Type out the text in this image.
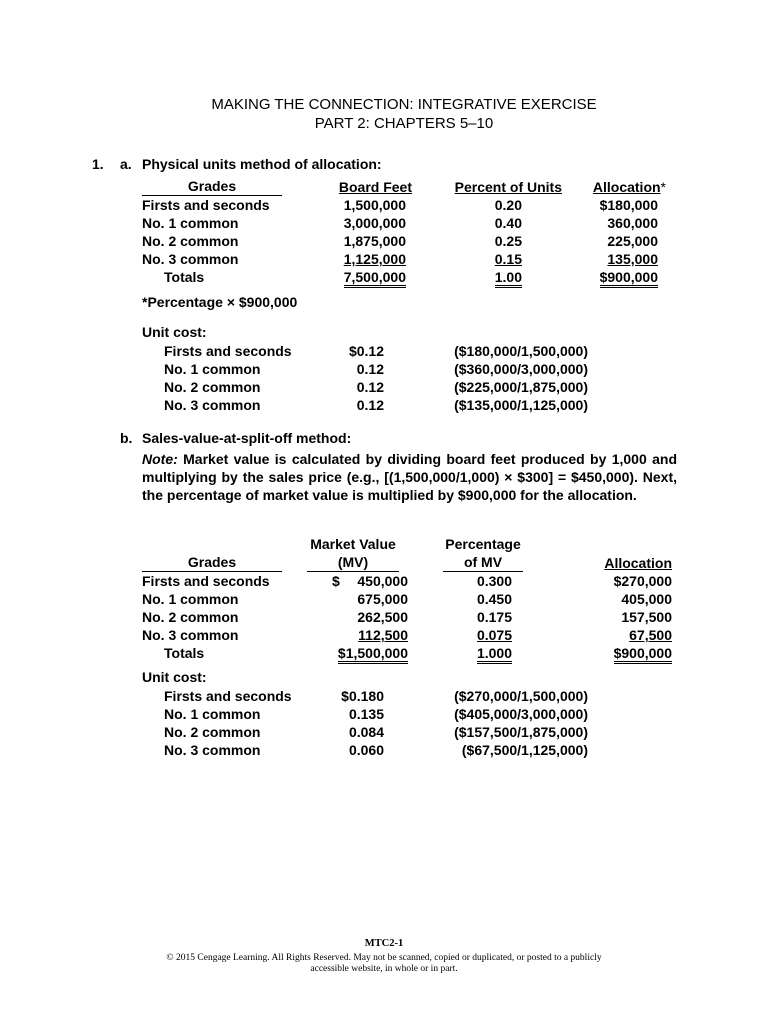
MAKING THE CONNECTION: INTEGRATIVE EXERCISE
PART 2: CHAPTERS 5–10
1. a. Physical units method of allocation:
Grades	Board Feet	Percent of Units	Allocation*
Firsts and seconds	1,500,000	0.20	$180,000
No. 1 common	3,000,000	0.40	360,000
No. 2 common	1,875,000	0.25	225,000
No. 3 common	1,125,000	0.15	135,000
Totals	7,500,000	1.00	$900,000
*Percentage × $900,000
Unit cost:
Firsts and seconds	$0.12	($180,000/1,500,000)
No. 1 common	0.12	($360,000/3,000,000)
No. 2 common	0.12	($225,000/1,875,000)
No. 3 common	0.12	($135,000/1,125,000)
b. Sales-value-at-split-off method:
Note: Market value is calculated by dividing board feet produced by 1,000 and multiplying by the sales price (e.g., [(1,500,000/1,000) × $300] = $450,000). Next, the percentage of market value is multiplied by $900,000 for the allocation.
	Market Value	Percentage	
Grades	(MV)	of MV	Allocation
Firsts and seconds	$ 450,000	0.300	$270,000
No. 1 common	675,000	0.450	405,000
No. 2 common	262,500	0.175	157,500
No. 3 common	112,500	0.075	67,500
Totals	$1,500,000	1.000	$900,000
Unit cost:
Firsts and seconds	$0.180	($270,000/1,500,000)
No. 1 common	0.135	($405,000/3,000,000)
No. 2 common	0.084	($157,500/1,875,000)
No. 3 common	0.060	($67,500/1,125,000)
MTC2-1
© 2015 Cengage Learning. All Rights Reserved. May not be scanned, copied or duplicated, or posted to a publicly
accessible website, in whole or in part.
